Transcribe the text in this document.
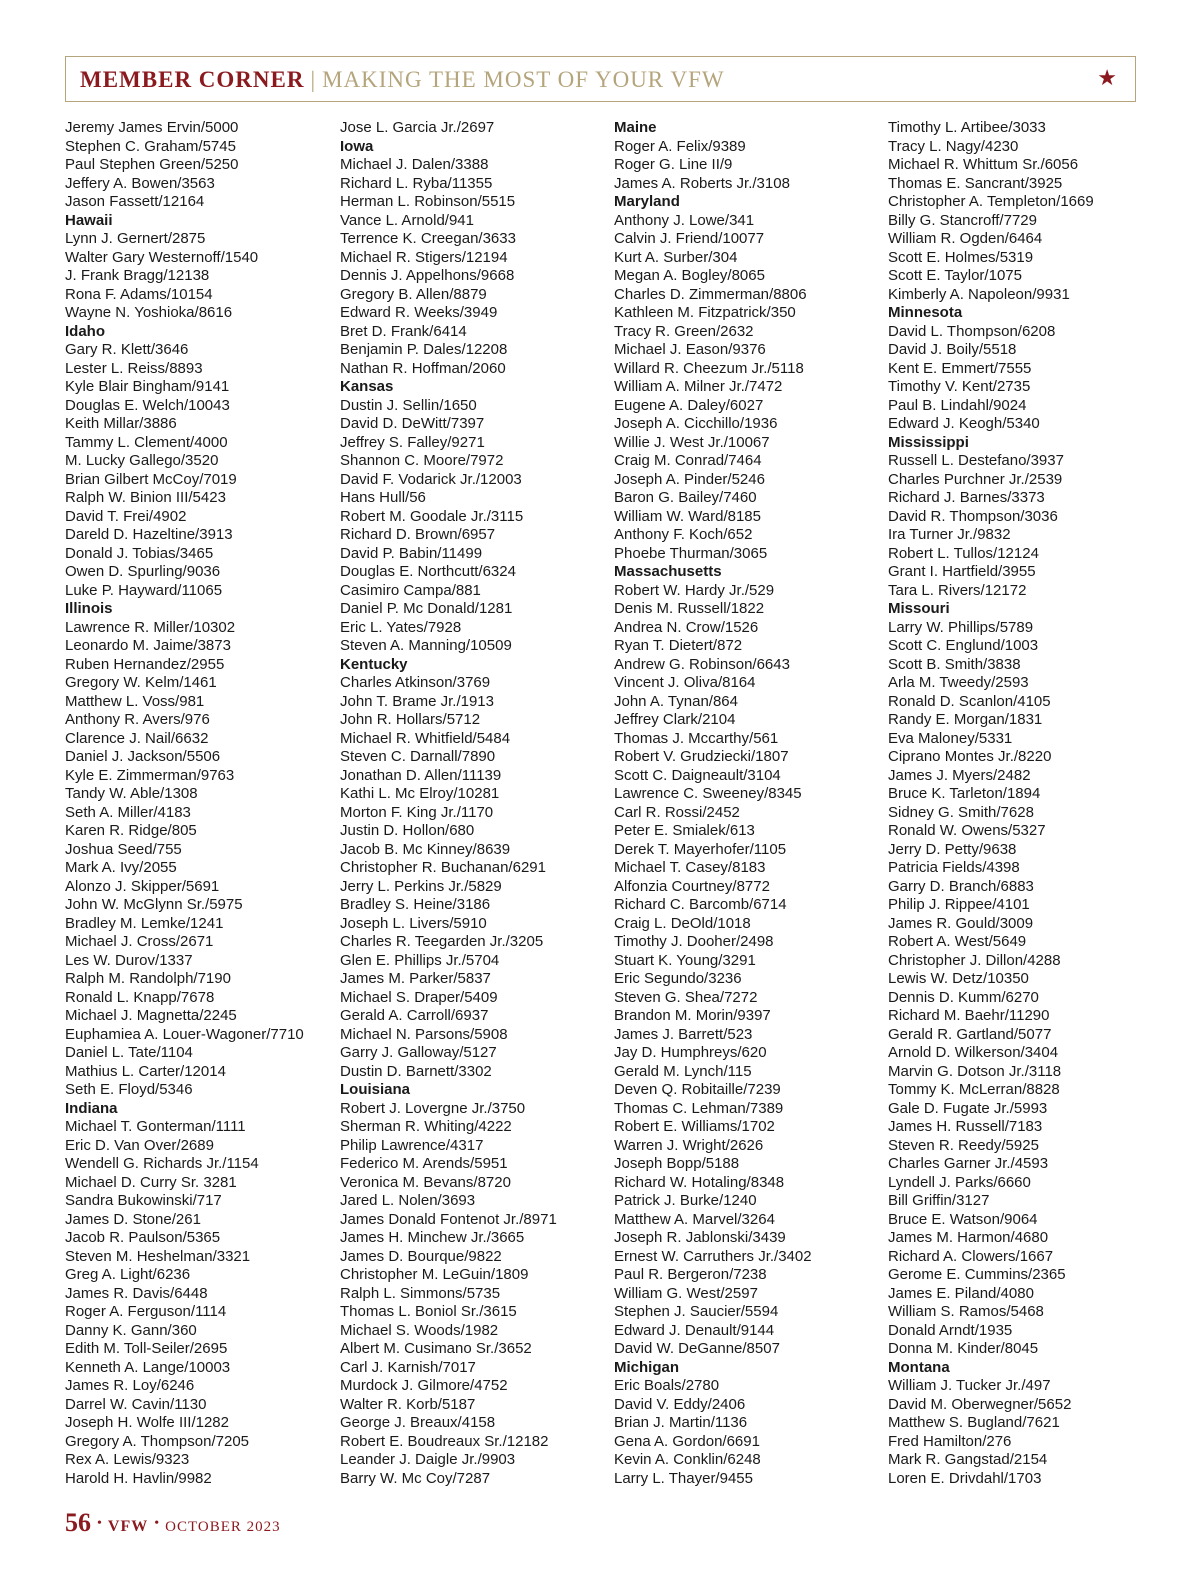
MEMBER CORNER | MAKING THE MOST OF YOUR VFW	★
Jeremy James Ervin/5000
Stephen C. Graham/5745
Paul Stephen Green/5250
Jeffery A. Bowen/3563
Jason Fassett/12164
Hawaii
Lynn J. Gernert/2875
Walter Gary Westernoff/1540
J. Frank Bragg/12138
Rona F. Adams/10154
Wayne N. Yoshioka/8616
Idaho
Gary R. Klett/3646
Lester L. Reiss/8893
Kyle Blair Bingham/9141
Douglas E. Welch/10043
Keith Millar/3886
Tammy L. Clement/4000
M. Lucky Gallego/3520
Brian Gilbert McCoy/7019
Ralph W. Binion III/5423
David T. Frei/4902
Dareld D. Hazeltine/3913
Donald J. Tobias/3465
Owen D. Spurling/9036
Luke P. Hayward/11065
Illinois
Lawrence R. Miller/10302
Leonardo M. Jaime/3873
Ruben Hernandez/2955
Gregory W. Kelm/1461
Matthew L. Voss/981
Anthony R. Avers/976
Clarence J. Nail/6632
Daniel J. Jackson/5506
Kyle E. Zimmerman/9763
Tandy W. Able/1308
Seth A. Miller/4183
Karen R. Ridge/805
Joshua Seed/755
Mark A. Ivy/2055
Alonzo J. Skipper/5691
John W. McGlynn Sr./5975
Bradley M. Lemke/1241
Michael J. Cross/2671
Les W. Durov/1337
Ralph M. Randolph/7190
Ronald L. Knapp/7678
Michael J. Magnetta/2245
Euphamiea A. Louer-Wagoner/7710
Daniel L. Tate/1104
Mathius L. Carter/12014
Seth E. Floyd/5346
Indiana
Michael T. Gonterman/1111
Eric D. Van Over/2689
Wendell G. Richards Jr./1154
Michael D. Curry Sr. 3281
Sandra Bukowinski/717
James D. Stone/261
Jacob R. Paulson/5365
Steven M. Heshelman/3321
Greg A. Light/6236
James R. Davis/6448
Roger A. Ferguson/1114
Danny K. Gann/360
Edith M. Toll-Seiler/2695
Kenneth A. Lange/10003
James R. Loy/6246
Darrel W. Cavin/1130
Joseph H. Wolfe III/1282
Gregory A. Thompson/7205
Rex A. Lewis/9323
Harold H. Havlin/9982
Jose L. Garcia Jr./2697
Iowa
Michael J. Dalen/3388
Richard L. Ryba/11355
Herman L. Robinson/5515
Vance L. Arnold/941
Terrence K. Creegan/3633
Michael R. Stigers/12194
Dennis J. Appelhons/9668
Gregory B. Allen/8879
Edward R. Weeks/3949
Bret D. Frank/6414
Benjamin P. Dales/12208
Nathan R. Hoffman/2060
Kansas
Dustin J. Sellin/1650
David D. DeWitt/7397
Jeffrey S. Falley/9271
Shannon C. Moore/7972
David F. Vodarick Jr./12003
Hans Hull/56
Robert M. Goodale Jr./3115
Richard D. Brown/6957
David P. Babin/11499
Douglas E. Northcutt/6324
Casimiro Campa/881
Daniel P. Mc Donald/1281
Eric L. Yates/7928
Steven A. Manning/10509
Kentucky
Charles Atkinson/3769
John T. Brame Jr./1913
John R. Hollars/5712
Michael R. Whitfield/5484
Steven C. Darnall/7890
Jonathan D. Allen/11139
Kathi L. Mc Elroy/10281
Morton F. King Jr./1170
Justin D. Hollon/680
Jacob B. Mc Kinney/8639
Christopher R. Buchanan/6291
Jerry L. Perkins Jr./5829
Bradley S. Heine/3186
Joseph L. Livers/5910
Charles R. Teegarden Jr./3205
Glen E. Phillips Jr./5704
James M. Parker/5837
Michael S. Draper/5409
Gerald A. Carroll/6937
Michael N. Parsons/5908
Garry J. Galloway/5127
Dustin D. Barnett/3302
Louisiana
Robert J. Lovergne Jr./3750
Sherman R. Whiting/4222
Philip Lawrence/4317
Federico M. Arends/5951
Veronica M. Bevans/8720
Jared L. Nolen/3693
James Donald Fontenot Jr./8971
James H. Minchew Jr./3665
James D. Bourque/9822
Christopher M. LeGuin/1809
Ralph L. Simmons/5735
Thomas L. Boniol Sr./3615
Michael S. Woods/1982
Albert M. Cusimano Sr./3652
Carl J. Karnish/7017
Murdock J. Gilmore/4752
Walter R. Korb/5187
George J. Breaux/4158
Robert E. Boudreaux Sr./12182
Leander J. Daigle Jr./9903
Barry W. Mc Coy/7287
Maine
Roger A. Felix/9389
Roger G. Line II/9
James A. Roberts Jr./3108
Maryland
Anthony J. Lowe/341
Calvin J. Friend/10077
Kurt A. Surber/304
Megan A. Bogley/8065
Charles D. Zimmerman/8806
Kathleen M. Fitzpatrick/350
Tracy R. Green/2632
Michael J. Eason/9376
Willard R. Cheezum Jr./5118
William A. Milner Jr./7472
Eugene A. Daley/6027
Joseph A. Cicchillo/1936
Willie J. West Jr./10067
Craig M. Conrad/7464
Joseph A. Pinder/5246
Baron G. Bailey/7460
William W. Ward/8185
Anthony F. Koch/652
Phoebe Thurman/3065
Massachusetts
Robert W. Hardy Jr./529
Denis M. Russell/1822
Andrea N. Crow/1526
Ryan T. Dietert/872
Andrew G. Robinson/6643
Vincent J. Oliva/8164
John A. Tynan/864
Jeffrey Clark/2104
Thomas J. Mccarthy/561
Robert V. Grudziecki/1807
Scott C. Daigneault/3104
Lawrence C. Sweeney/8345
Carl R. Rossi/2452
Peter E. Smialek/613
Derek T. Mayerhofer/1105
Michael T. Casey/8183
Alfonzia Courtney/8772
Richard C. Barcomb/6714
Craig L. DeOld/1018
Timothy J. Dooher/2498
Stuart K. Young/3291
Eric Segundo/3236
Steven G. Shea/7272
Brandon M. Morin/9397
James J. Barrett/523
Jay D. Humphreys/620
Gerald M. Lynch/115
Deven Q. Robitaille/7239
Thomas C. Lehman/7389
Robert E. Williams/1702
Warren J. Wright/2626
Joseph Bopp/5188
Richard W. Hotaling/8348
Patrick J. Burke/1240
Matthew A. Marvel/3264
Joseph R. Jablonski/3439
Ernest W. Carruthers Jr./3402
Paul R. Bergeron/7238
William G. West/2597
Stephen J. Saucier/5594
Edward J. Denault/9144
David W. DeGanne/8507
Michigan
Eric Boals/2780
David V. Eddy/2406
Brian J. Martin/1136
Gena A. Gordon/6691
Kevin A. Conklin/6248
Larry L. Thayer/9455
Timothy L. Artibee/3033
Tracy L. Nagy/4230
Michael R. Whittum Sr./6056
Thomas E. Sancrant/3925
Christopher A. Templeton/1669
Billy G. Stancroff/7729
William R. Ogden/6464
Scott E. Holmes/5319
Scott E. Taylor/1075
Kimberly A. Napoleon/9931
Minnesota
David L. Thompson/6208
David J. Boily/5518
Kent E. Emmert/7555
Timothy V. Kent/2735
Paul B. Lindahl/9024
Edward J. Keogh/5340
Mississippi
Russell L. Destefano/3937
Charles Purchner Jr./2539
Richard J. Barnes/3373
David R. Thompson/3036
Ira Turner Jr./9832
Robert L. Tullos/12124
Grant I. Hartfield/3955
Tara L. Rivers/12172
Missouri
Larry W. Phillips/5789
Scott C. Englund/1003
Scott B. Smith/3838
Arla M. Tweedy/2593
Ronald D. Scanlon/4105
Randy E. Morgan/1831
Eva Maloney/5331
Ciprano Montes Jr./8220
James J. Myers/2482
Bruce K. Tarleton/1894
Sidney G. Smith/7628
Ronald W. Owens/5327
Jerry D. Petty/9638
Patricia Fields/4398
Garry D. Branch/6883
Philip J. Rippee/4101
James R. Gould/3009
Robert A. West/5649
Christopher J. Dillon/4288
Lewis W. Detz/10350
Dennis D. Kumm/6270
Richard M. Baehr/11290
Gerald R. Gartland/5077
Arnold D. Wilkerson/3404
Marvin G. Dotson Jr./3118
Tommy K. McLerran/8828
Gale D. Fugate Jr./5993
James H. Russell/7183
Steven R. Reedy/5925
Charles Garner Jr./4593
Lyndell J. Parks/6660
Bill Griffin/3127
Bruce E. Watson/9064
James M. Harmon/4680
Richard A. Clowers/1667
Gerome E. Cummins/2365
James E. Piland/4080
William S. Ramos/5468
Donald Arndt/1935
Donna M. Kinder/8045
Montana
William J. Tucker Jr./497
David M. Oberwegner/5652
Matthew S. Bugland/7621
Fred Hamilton/276
Mark R. Gangstad/2154
Loren E. Drivdahl/1703
56 • VFW • OCTOBER 2023
